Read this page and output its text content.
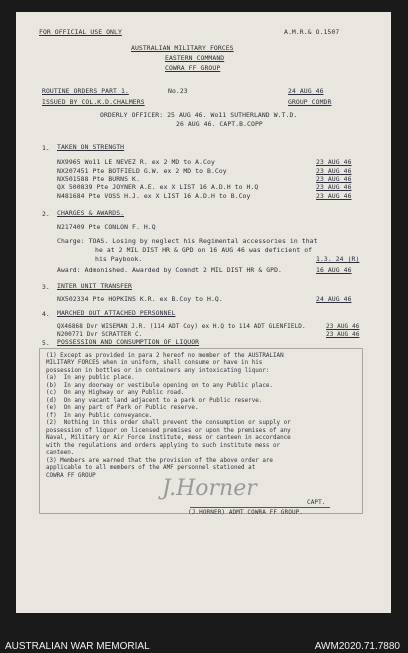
FOR OFFICIAL USE ONLY	A.M.R.& O.1507
AUSTRALIAN MILITARY FORCES
EASTERN COMMAND
COWRA FF GROUP
ROUTINE ORDERS PART 1.	No.23	24 AUG 46
ISSUED BY COL.K.D.CHALMERS	GROUP COMDR
ORDERLY OFFICER: 25 AUG 46. Wo11 SUTHERLAND W.T.D.
26 AUG 46. CAPT.B.COPP
1. TAKEN ON STRENGTH
NX9965 Wo11 LE NEVEZ R. ex 2 MD to A.Coy	23 AUG 46
NX207451 Pte BOTFIELD G.W. ex 2 MD to B.Coy	23 AUG 46
NX501588 Pte BURNS K.	23 AUG 46
QX 500839 Pte JOYNER A.E. ex X LIST 16 A.D.H to H.Q	23 AUG 46
N481684 Pte VOSS H.J. ex X LIST 16 A.D.H to B.Coy	23 AUG 46
2. CHARGES & AWARDS.
N217409 Pte CONLON F. H.Q
Charge: TOAS. Losing by neglect his Regimental accessories in that
he at 2 MIL DIST HR & GPD on 16 AUG 46 was deficient of
his Paybook.	1.3. 24 (R)
Award: Admonished. Awarded by Comndt 2 MIL DIST HR & GPD.	16 AUG 46
3. INTER UNIT TRANSFER
NX502334 Pte HOPKINS K.R. ex B.Coy to H.Q.	24 AUG 46
4. MARCHED OUT ATTACHED PERSONNEL
QX46868 Dvr WISEMAN J.R. (114 ADT Coy) ex H.Q to 114 ADT GLENFIELD.	23 AUG 46
N200771 Dvr SCRATTER C.	23 AUG 46
5. POSSESSION AND CONSUMPTION OF LIQUOR
(1) Except as provided in para 2 hereof no member of the AUSTRALIAN
MILITARY FORCES when in uniform, shall consume or have in his
possession in bottles or in containers any intoxicating liquor:
(a)  In any public place.
(b)  In any doorway or vestibule opening on to any Public place.
(c)  On any Highway or any Public road.
(d)  On any vacant land adjacent to a park or Public reserve.
(e)  On any part of Park or Public reserve.
(f)  In any Public conveyance.
(2)  Nothing in this order shall prevent the consumption or supply or
possession of liquor on licensed premises or upon the premises of any
Naval, Military or Air Force institute, mess or canteen in accordance
with the regulations and orders applying to such institute mess or
canteen.
(3) Members are warned that the provision of the above order are
applicable to all members of the AMF personnel stationed at
COWRA FF GROUP	J.Horner
CAPT.
(J.HORNER) ADMT COWRA FF GROUP.
AUSTRALIAN WAR MEMORIAL	AWM2020.71.7880
